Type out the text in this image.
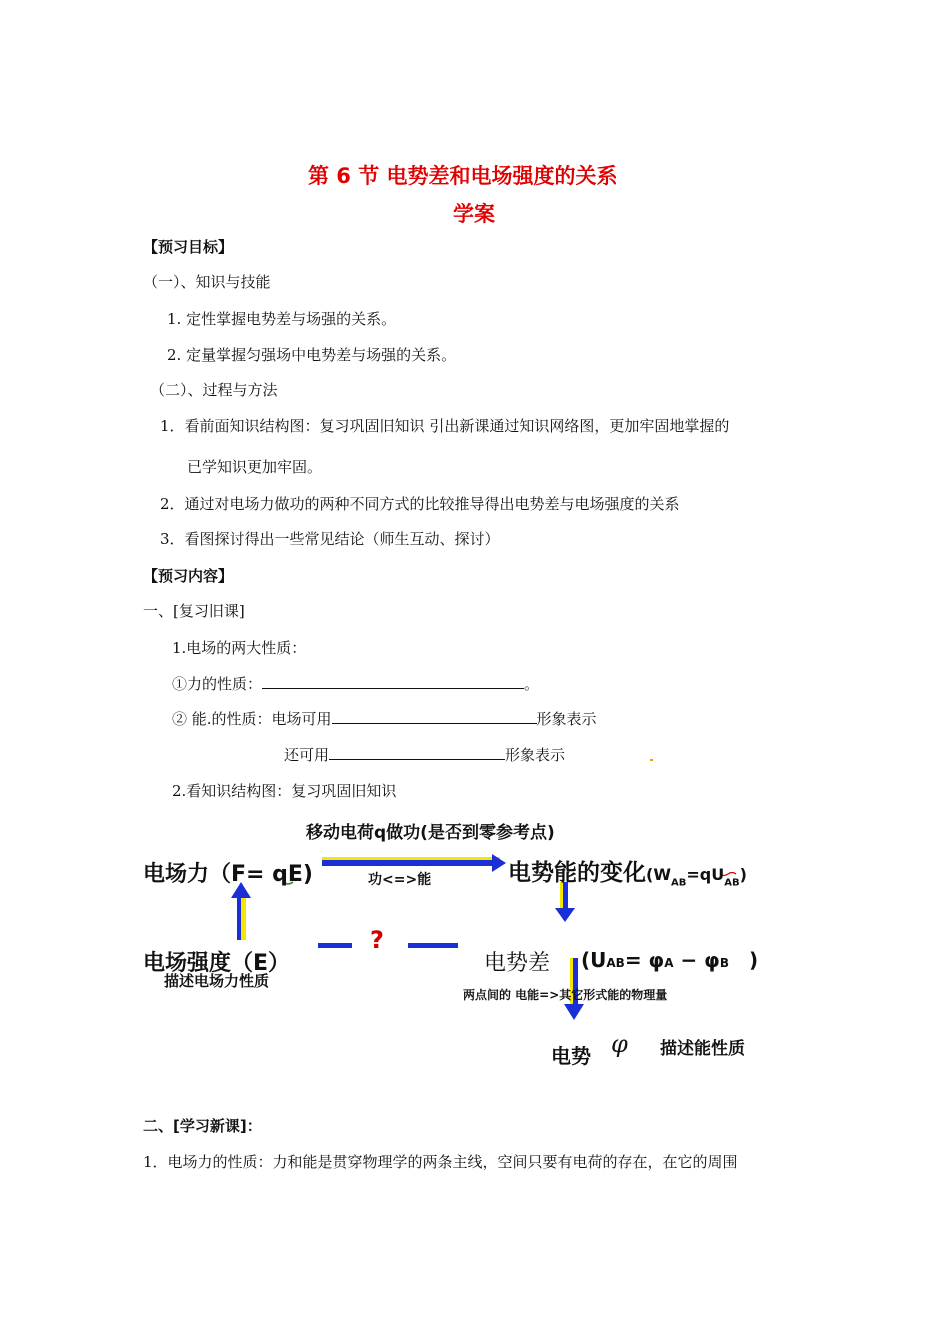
第 6 节 电势差和电场强度的关系
学案
【预习目标】
（一）、知识与技能
1. 定性掌握电势差与场强的关系。
2. 定量掌握匀强场中电势差与场强的关系。
（二）、过程与方法
1．看前面知识结构图：复习巩固旧知识 引出新课通过知识网络图，更加牢固地掌握的
已学知识更加牢固。
2．通过对电场力做功的两种不同方式的比较推导得出电势差与电场强度的关系
3．看图探讨得出一些常见结论（师生互动、探讨）
【预习内容】
一、[复习旧课]
1.电场的两大性质：
①力的性质：	。
② 能.的性质：电场可用	形象表示
还可用	形象表示
2.看知识结构图：复习巩固旧知识
移动电荷q做功(是否到零参考点)
电场力（F= qE)	功<=>能	电势能的变化$(W_{AB}=qU_{AB})$
电场强度（E）
描述电场力性质
?
电势差 (UAB= φA − φB )
两点间的 电能=>其它形式能的物理量
电势 φ 描述能性质
二、[学习新课]：
1．电场力的性质：力和能是贯穿物理学的两条主线，空间只要有电荷的存在，在它的周围
